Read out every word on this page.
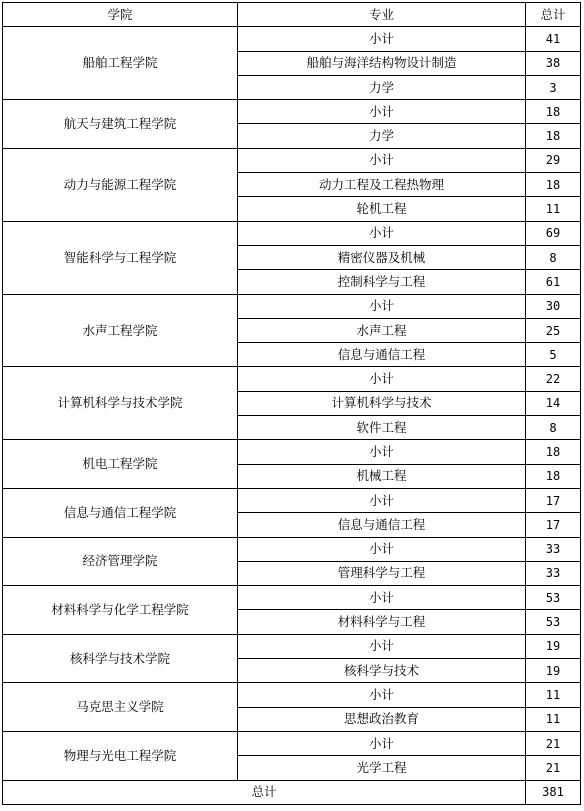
学院	专业	总计
船舶工程学院	小计	41
	船舶与海洋结构物设计制造	38
	力学	3
航天与建筑工程学院	小计	18
	力学	18
动力与能源工程学院	小计	29
	动力工程及工程热物理	18
	轮机工程	11
智能科学与工程学院	小计	69
	精密仪器及机械	8
	控制科学与工程	61
水声工程学院	小计	30
	水声工程	25
	信息与通信工程	5
计算机科学与技术学院	小计	22
	计算机科学与技术	14
	软件工程	8
机电工程学院	小计	18
	机械工程	18
信息与通信工程学院	小计	17
	信息与通信工程	17
经济管理学院	小计	33
	管理科学与工程	33
材料科学与化学工程学院	小计	53
	材料科学与工程	53
核科学与技术学院	小计	19
	核科学与技术	19
马克思主义学院	小计	11
	思想政治教育	11
物理与光电工程学院	小计	21
	光学工程	21
总计		381
